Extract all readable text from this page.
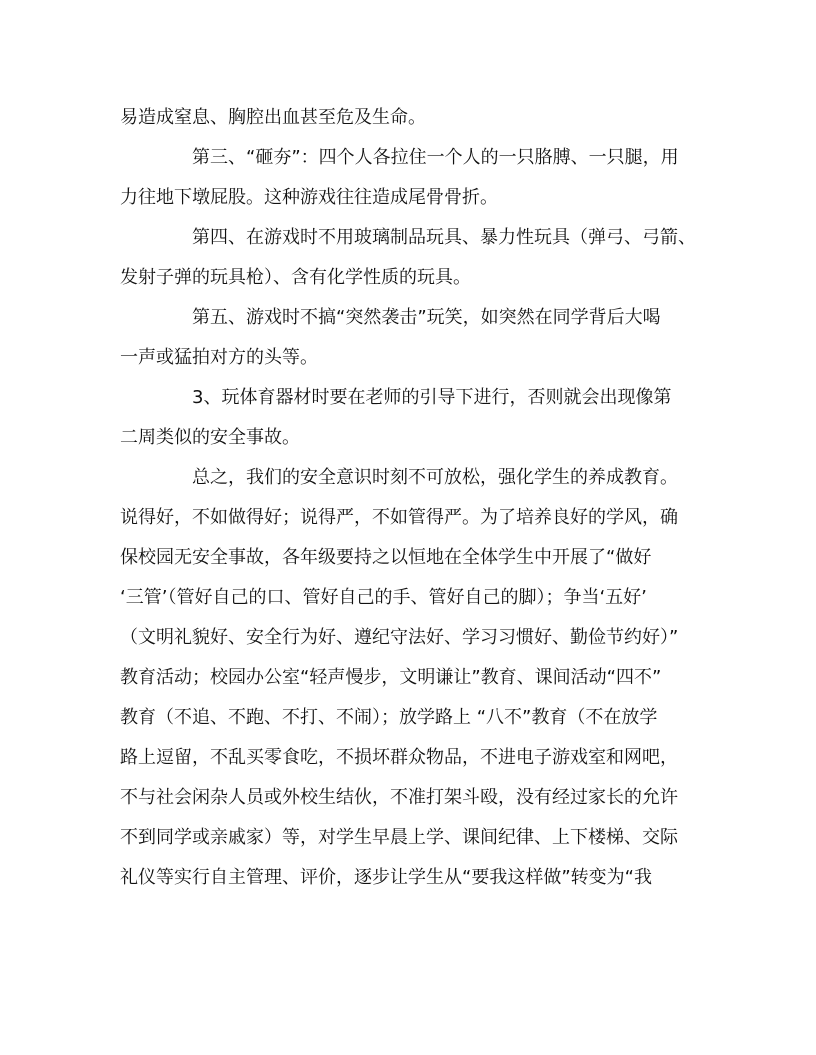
易造成窒息、胸腔出血甚至危及生命。
第三、“砸夯”：四个人各拉住一个人的一只胳膊、一只腿，用
力往地下墩屁股。这种游戏往往造成尾骨骨折。
第四、在游戏时不用玻璃制品玩具、暴力性玩具（弹弓、弓箭、
发射子弹的玩具枪）、含有化学性质的玩具。
第五、游戏时不搞“突然袭击”玩笑，如突然在同学背后大喝
一声或猛拍对方的头等。
3、玩体育器材时要在老师的引导下进行，否则就会出现像第
二周类似的安全事故。
总之，我们的安全意识时刻不可放松，强化学生的养成教育。
说得好，不如做得好；说得严，不如管得严。为了培养良好的学风，确
保校园无安全事故，各年级要持之以恒地在全体学生中开展了“做好
‘三管’（管好自己的口、管好自己的手、管好自己的脚）；争当‘五好’
（文明礼貌好、安全行为好、遵纪守法好、学习习惯好、勤俭节约好）”
教育活动；校园办公室“轻声慢步，文明谦让”教育、课间活动“四不”
教育（不追、不跑、不打、不闹）；放学路上 “八不”教育（不在放学
路上逗留，不乱买零食吃，不损坏群众物品，不进电子游戏室和网吧，
不与社会闲杂人员或外校生结伙，不准打架斗殴，没有经过家长的允许
不到同学或亲戚家）等，对学生早晨上学、课间纪律、上下楼梯、交际
礼仪等实行自主管理、评价，逐步让学生从“要我这样做”转变为“我
